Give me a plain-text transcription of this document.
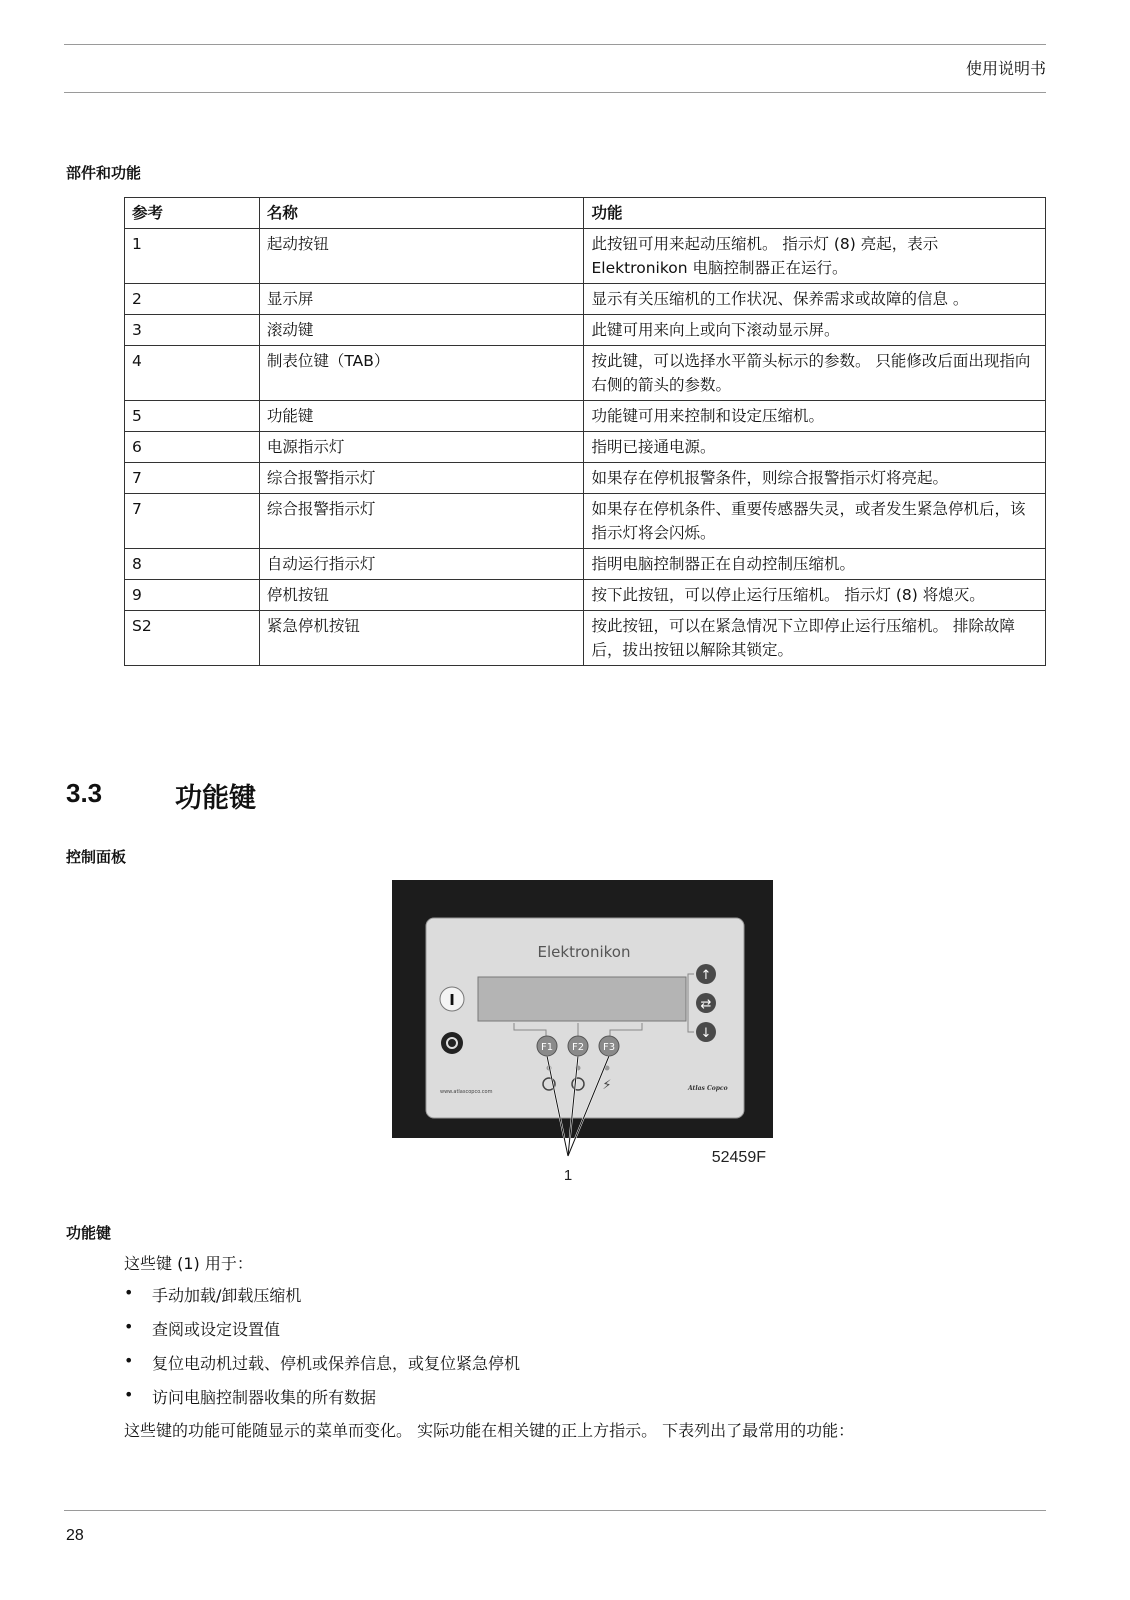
使用说明书
部件和功能
参考	名称	功能
1	起动按钮	此按钮可用来起动压缩机。 指示灯 (8) 亮起，表示 Elektronikon 电脑控制器正在运行。
2	显示屏	显示有关压缩机的工作状况、保养需求或故障的信息 。
3	滚动键	此键可用来向上或向下滚动显示屏。
4	制表位键（TAB）	按此键，可以选择水平箭头标示的参数。 只能修改后面出现指向右侧的箭头的参数。
5	功能键	功能键可用来控制和设定压缩机。
6	电源指示灯	指明已接通电源。
7	综合报警指示灯	如果存在停机报警条件，则综合报警指示灯将亮起。
7	综合报警指示灯	如果存在停机条件、重要传感器失灵，或者发生紧急停机后，该指示灯将会闪烁。
8	自动运行指示灯	指明电脑控制器正在自动控制压缩机。
9	停机按钮	按下此按钮，可以停止运行压缩机。 指示灯 (8) 将熄灭。
S2	紧急停机按钮	按此按钮，可以在紧急情况下立即停止运行压缩机。 排除故障后，拔出按钮以解除其锁定。
3.3	功能键
控制面板
Elektronikon
I
F1 F2 F3
↑
⇄
↓
⚡
www.atlascopco.com	Atlas Copco
52459F
1
功能键
这些键 (1) 用于：
• 手动加载/卸载压缩机
• 查阅或设定设置值
• 复位电动机过载、停机或保养信息，或复位紧急停机
• 访问电脑控制器收集的所有数据
这些键的功能可能随显示的菜单而变化。 实际功能在相关键的正上方指示。 下表列出了最常用的功能：
28
